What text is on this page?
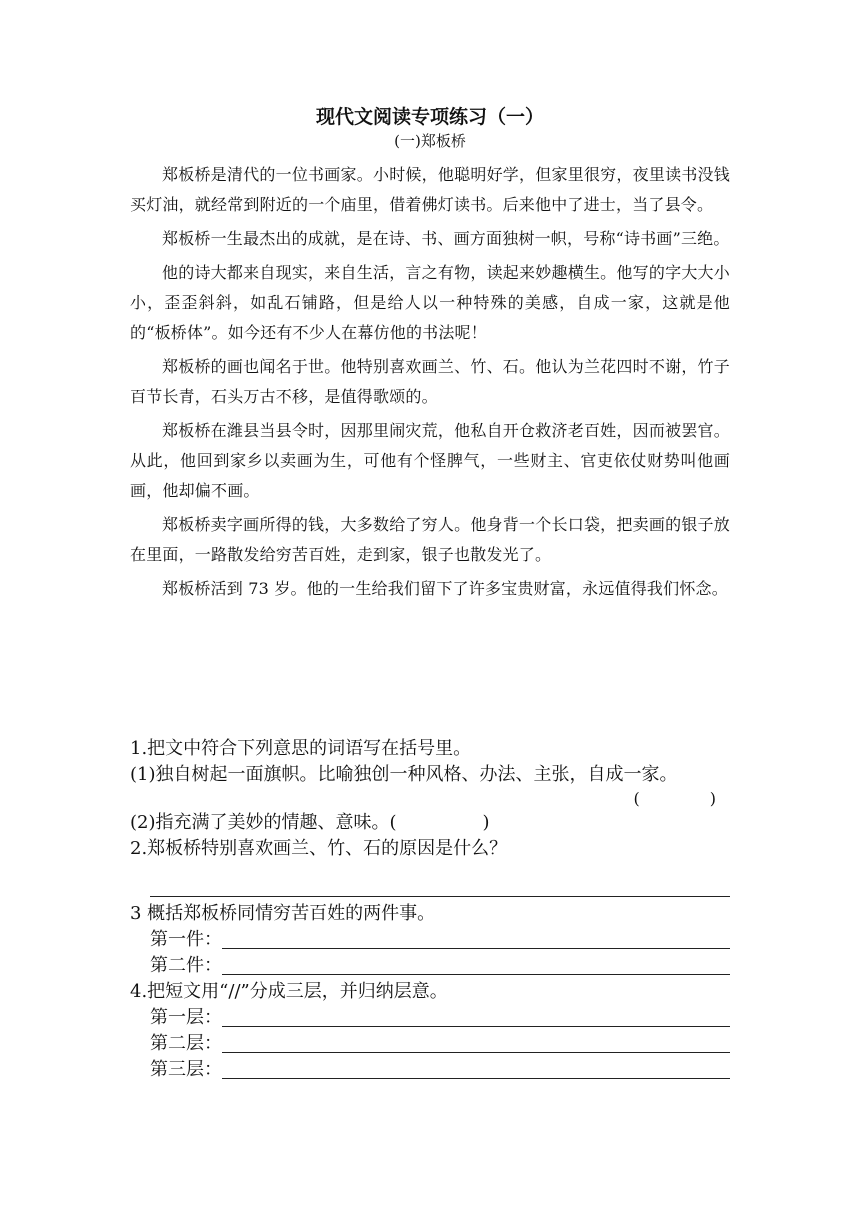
现代文阅读专项练习（一）
(一)郑板桥

郑板桥是清代的一位书画家。小时候，他聪明好学，但家里很穷，夜里读书没钱买灯油，就经常到附近的一个庙里，借着佛灯读书。后来他中了进士，当了县令。

郑板桥一生最杰出的成就，是在诗、书、画方面独树一帜，号称“诗书画”三绝。

他的诗大都来自现实，来自生活，言之有物，读起来妙趣横生。他写的字大大小小，歪歪斜斜，如乱石铺路，但是给人以一种特殊的美感，自成一家，这就是他的“板桥体”。如今还有不少人在幕仿他的书法呢！

郑板桥的画也闻名于世。他特别喜欢画兰、竹、石。他认为兰花四时不谢，竹子百节长青，石头万古不移，是值得歌颂的。

郑板桥在潍县当县令时，因那里闹灾荒，他私自开仓救济老百姓，因而被罢官。从此，他回到家乡以卖画为生，可他有个怪脾气，一些财主、官吏依仗财势叫他画画，他却偏不画。

郑板桥卖字画所得的钱，大多数给了穷人。他身背一个长口袋，把卖画的银子放在里面，一路散发给穷苦百姓，走到家，银子也散发光了。

郑板桥活到 73 岁。他的一生给我们留下了许多宝贵财富，永远值得我们怀念。

1.把文中符合下列意思的词语写在括号里。

(1)独自树起一面旗帜。比喻独创一种风格、办法、主张，自成一家。

(	)

(2)指充满了美妙的情趣、意味。(	)

2.郑板桥特别喜欢画兰、竹、石的原因是什么？

3 概括郑板桥同情穷苦百姓的两件事。

第一件：
第二件：

4.把短文用“//”分成三层，并归纳层意。

第一层：
第二层：
第三层：
